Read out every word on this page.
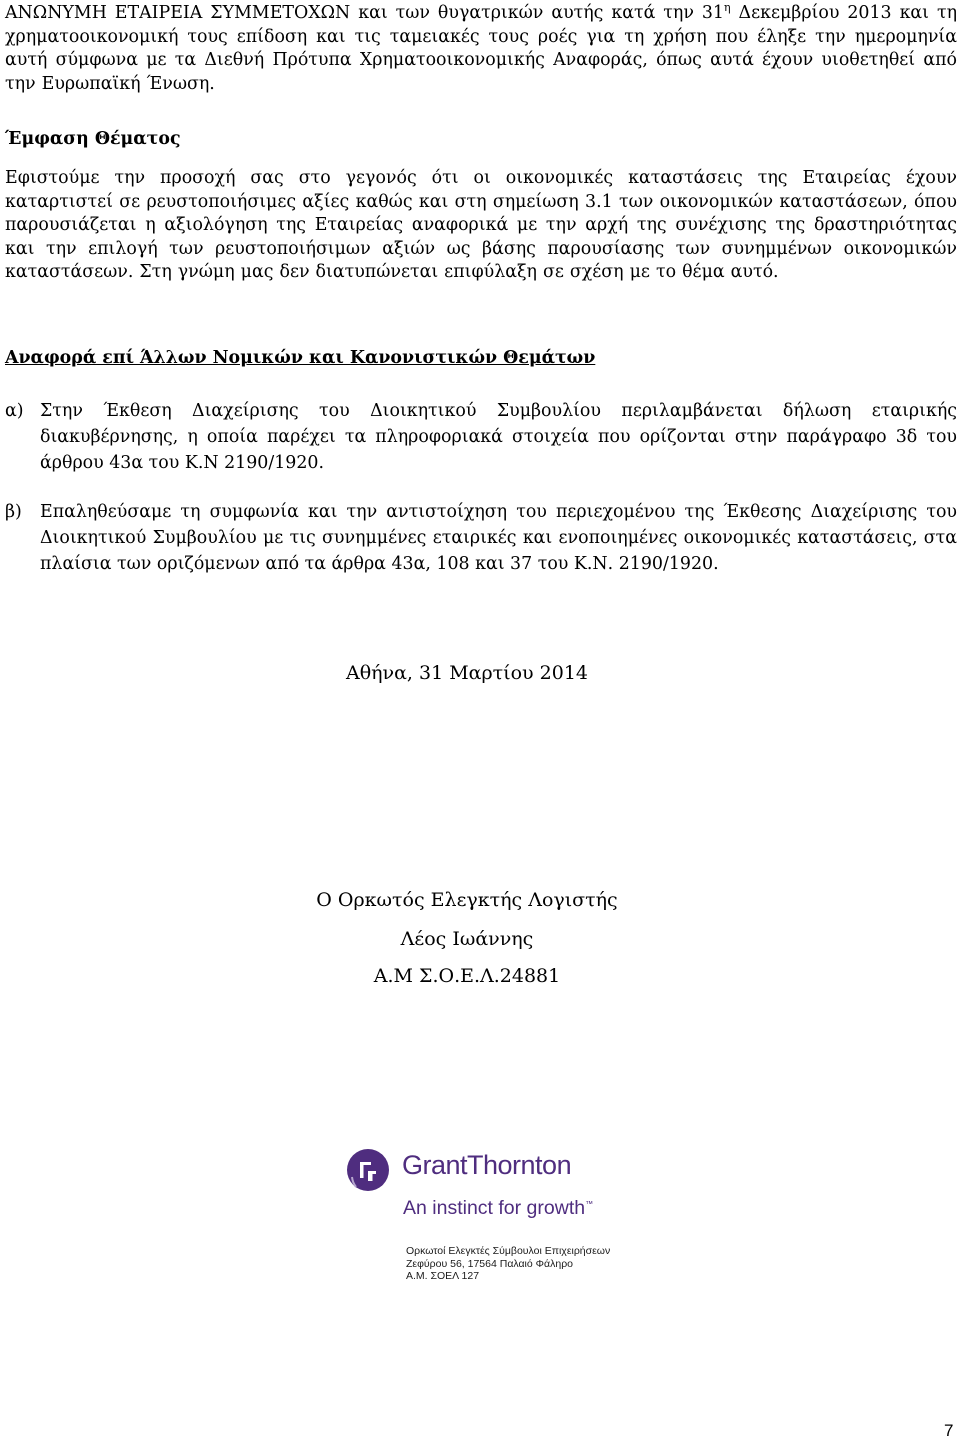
ΑΝΩΝΥΜΗ ΕΤΑΙΡΕΙΑ ΣΥΜΜΕΤΟΧΩΝ και των θυγατρικών αυτής κατά την $31^\eta$ Δεκεμβρίου 2013 και τη χρηματοοικονομική τους επίδοση και τις ταμειακές τους ροές για τη χρήση που έληξε την ημερομηνία αυτή σύμφωνα με τα Διεθνή Πρότυπα Χρηματοοικονομικής Αναφοράς, όπως αυτά έχουν υιοθετηθεί από την Ευρωπαϊκή Ένωση.
Έμφαση Θέματος
Εφιστούμε την προσοχή σας στο γεγονός ότι οι οικονομικές καταστάσεις της Εταιρείας έχουν καταρτιστεί σε ρευστοποιήσιμες αξίες καθώς και στη σημείωση 3.1 των οικονομικών καταστάσεων, όπου παρουσιάζεται η αξιολόγηση της Εταιρείας αναφορικά με την αρχή της συνέχισης της δραστηριότητας και την επιλογή των ρευστοποιήσιμων αξιών ως βάσης παρουσίασης των συνημμένων οικονομικών καταστάσεων. Στη γνώμη μας δεν διατυπώνεται επιφύλαξη σε σχέση με το θέμα αυτό.
Αναφορά επί Άλλων Νομικών και Κανονιστικών Θεμάτων
α) Στην Έκθεση Διαχείρισης του Διοικητικού Συμβουλίου περιλαμβάνεται δήλωση εταιρικής διακυβέρνησης, η οποία παρέχει τα πληροφοριακά στοιχεία που ορίζονται στην παράγραφο 3δ του άρθρου 43α του Κ.Ν 2190/1920.
β) Επαληθεύσαμε τη συμφωνία και την αντιστοίχηση του περιεχομένου της Έκθεσης Διαχείρισης του Διοικητικού Συμβουλίου με τις συνημμένες εταιρικές και ενοποιημένες οικονομικές καταστάσεις, στα πλαίσια των οριζόμενων από τα άρθρα 43α, 108 και 37 του Κ.Ν. 2190/1920.
Αθήνα, 31 Μαρτίου 2014
Ο Ορκωτός Ελεγκτής Λογιστής
Λέος Ιωάννης
Α.Μ Σ.Ο.Ε.Λ.24881
GrantThornton
An instinct for growth™
Ορκωτοί Ελεγκτές Σύμβουλοι Επιχειρήσεων
Ζεφύρου 56, 17564 Παλαιό Φάληρο
Α.Μ. ΣΟΕΛ 127
7
